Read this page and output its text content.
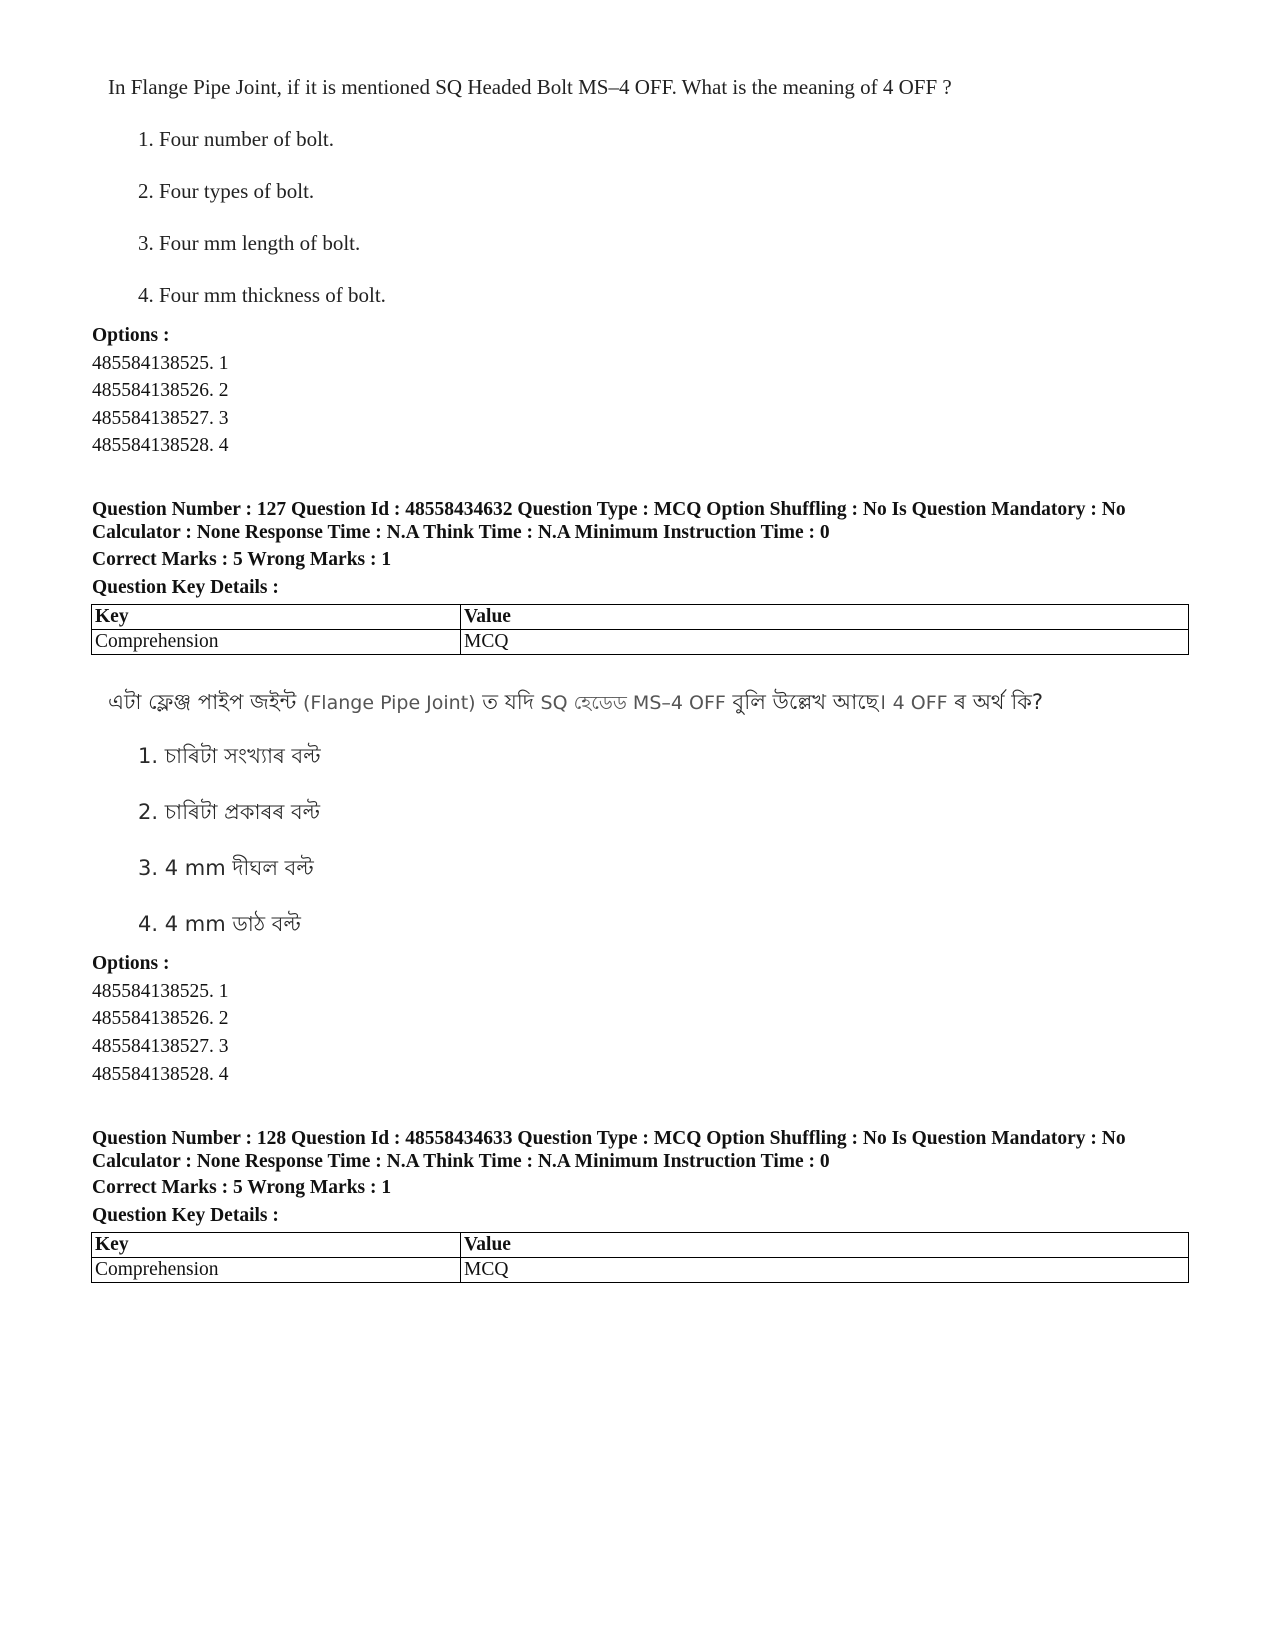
In Flange Pipe Joint, if it is mentioned SQ Headed Bolt MS–4 OFF. What is the meaning of 4 OFF ?
1. Four number of bolt.
2. Four types of bolt.
3. Four mm length of bolt.
4. Four mm thickness of bolt.
Options :
485584138525. 1
485584138526. 2
485584138527. 3
485584138528. 4
Question Number : 127 Question Id : 48558434632 Question Type : MCQ Option Shuffling : No Is Question Mandatory : No Calculator : None Response Time : N.A Think Time : N.A Minimum Instruction Time : 0
Correct Marks : 5 Wrong Marks : 1
Question Key Details :
Key	Value
Comprehension	MCQ
এটা ফ্লেঞ্জ পাইপ জইন্ট (Flange Pipe Joint) ত যদি SQ হেডেড MS–4 OFF বুলি উল্লেখ আছে। 4 OFF ৰ অৰ্থ কি?
1. চাৰিটা সংখ্যাৰ বল্ট
2. চাৰিটা প্ৰকাৰৰ বল্ট
3. 4 mm দীঘল বল্ট
4. 4 mm ডাঠ বল্ট
Options :
485584138525. 1
485584138526. 2
485584138527. 3
485584138528. 4
Question Number : 128 Question Id : 48558434633 Question Type : MCQ Option Shuffling : No Is Question Mandatory : No Calculator : None Response Time : N.A Think Time : N.A Minimum Instruction Time : 0
Correct Marks : 5 Wrong Marks : 1
Question Key Details :
Key	Value
Comprehension	MCQ
